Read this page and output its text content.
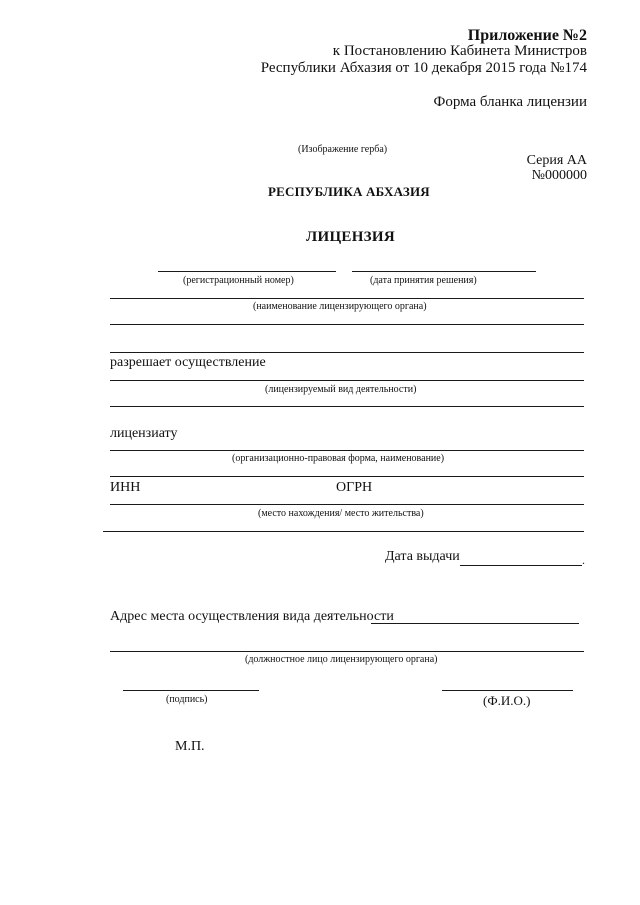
Приложение №2
к Постановлению Кабинета Министров
Республики Абхазия от 10 декабря 2015 года №174
Форма бланка лицензии
(Изображение герба)
Серия АА
№000000
РЕСПУБЛИКА АБХАЗИЯ
ЛИЦЕНЗИЯ
(регистрационный номер)	(дата принятия решения)
(наименование лицензирующего органа)
разрешает осуществление
(лицензируемый вид деятельности)
лицензиату
(организационно-правовая форма, наименование)
ИНН	ОГРН
(место нахождения/ место жительства)
Дата выдачи	.
Адрес места осуществления вида деятельности
(должностное лицо лицензирующего органа)
(подпись)	(Ф.И.О.)
М.П.
